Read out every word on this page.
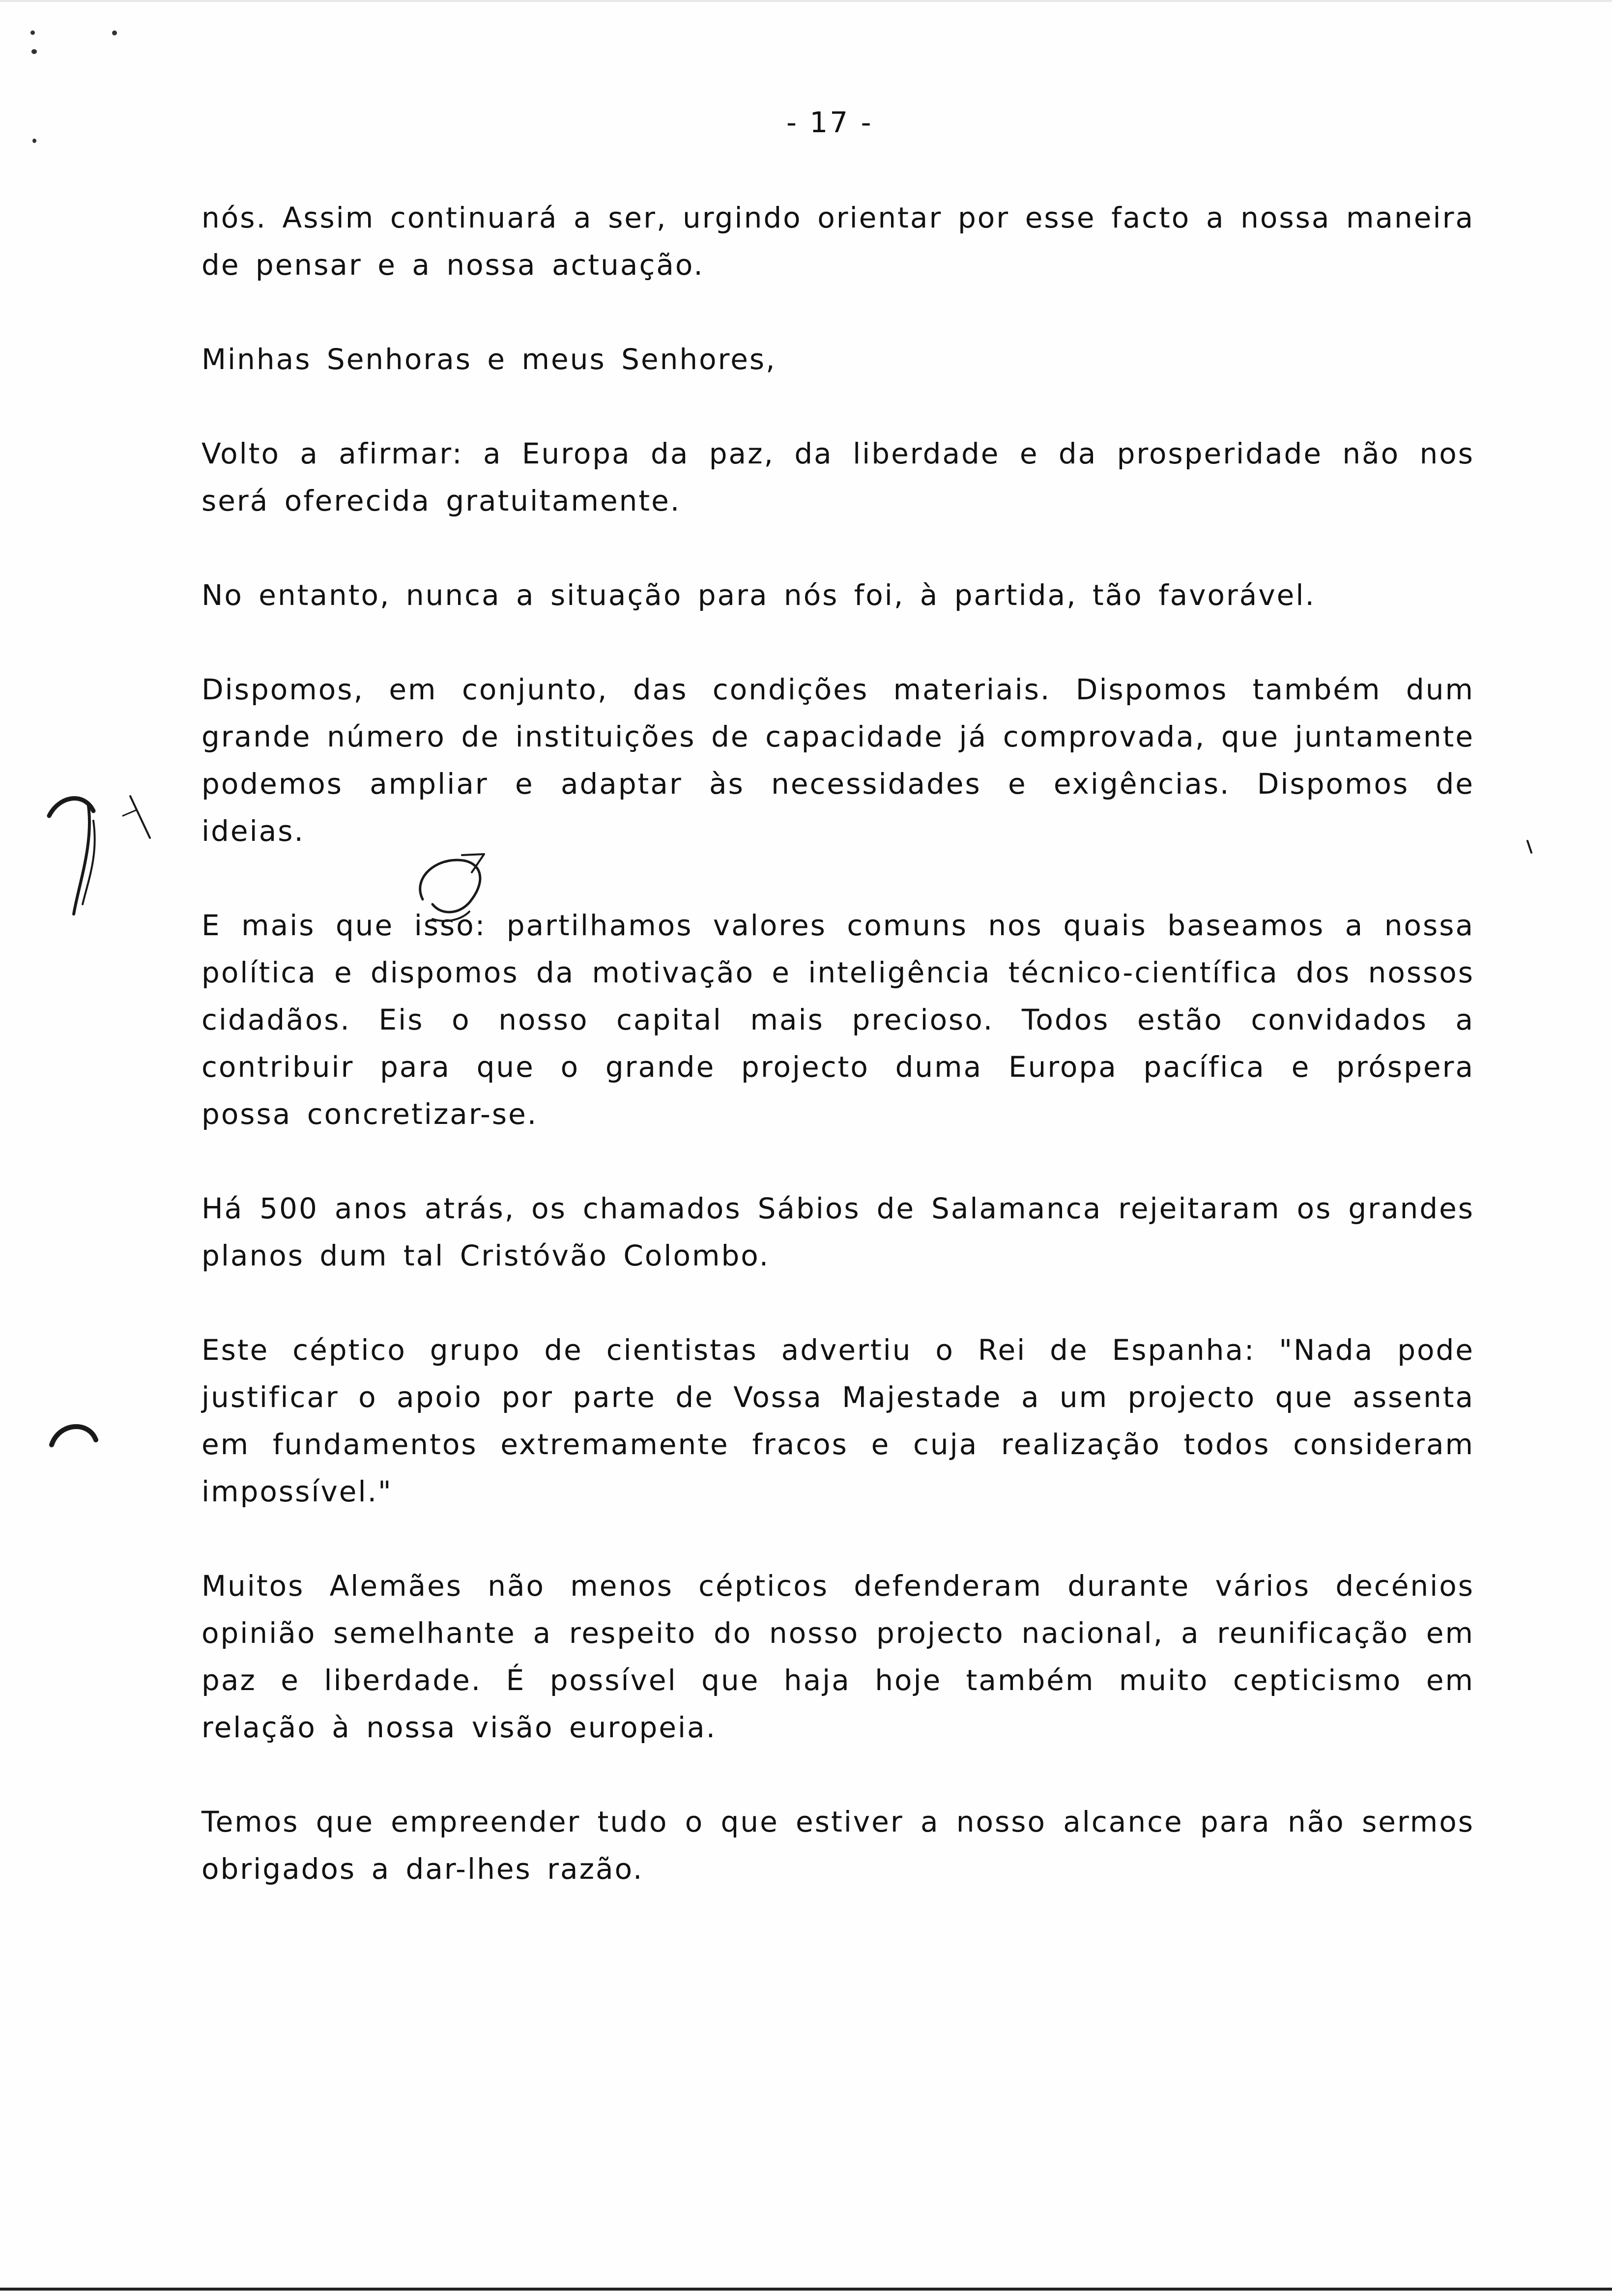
- 17 -

nós. Assim continuará a ser, urgindo orientar por esse facto a nossa maneira de pensar e a nossa actuação.

Minhas Senhoras e meus Senhores,

Volto a afirmar: a Europa da paz, da liberdade e da prosperidade não nos será oferecida gratuitamente.

No entanto, nunca a situação para nós foi, à partida, tão favorável.

Dispomos, em conjunto, das condições materiais. Dispomos também dum grande número de instituições de capacidade já comprovada, que juntamente podemos ampliar e adaptar às necessidades e exigências. Dispomos de ideias.

E mais que isso: partilhamos valores comuns nos quais baseamos a nossa política e dispomos da motivação e inteligência técnico-científica dos nossos cidadãos. Eis o nosso capital mais precioso. Todos estão convidados a contribuir para que o grande projecto duma Europa pacífica e próspera possa concretizar-se.

Há 500 anos atrás, os chamados Sábios de Salamanca rejeitaram os grandes planos dum tal Cristóvão Colombo.

Este céptico grupo de cientistas advertiu o Rei de Espanha: "Nada pode justificar o apoio por parte de Vossa Majestade a um projecto que assenta em fundamentos extremamente fracos e cuja realização todos consideram impossível."

Muitos Alemães não menos cépticos defenderam durante vários decénios opinião semelhante a respeito do nosso projecto nacional, a reunificação em paz e liberdade. É possível que haja hoje também muito cepticismo em relação à nossa visão europeia.

Temos que empreender tudo o que estiver a nosso alcance para não sermos obrigados a dar-lhes razão.
